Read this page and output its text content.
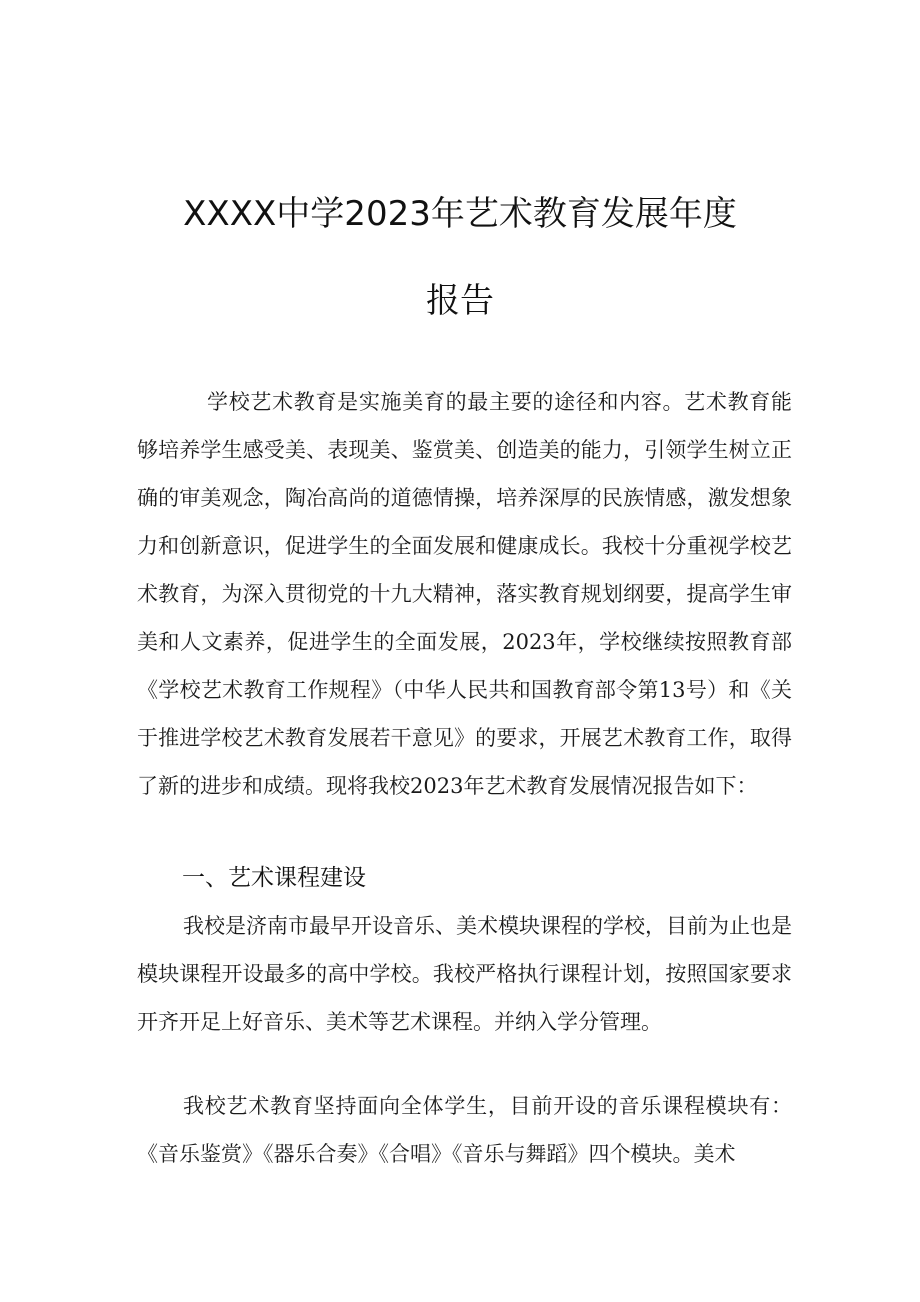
XXXX中学2023年艺术教育发展年度
报告
学校艺术教育是实施美育的最主要的途径和内容。艺术教育能够培养学生感受美、表现美、鉴赏美、创造美的能力，引领学生树立正确的审美观念，陶冶高尚的道德情操，培养深厚的民族情感，激发想象力和创新意识，促进学生的全面发展和健康成长。我校十分重视学校艺术教育，为深入贯彻党的十九大精神，落实教育规划纲要，提高学生审美和人文素养，促进学生的全面发展，2023年，学校继续按照教育部《学校艺术教育工作规程》（中华人民共和国教育部令第13号）和《关于推进学校艺术教育发展若干意见》的要求，开展艺术教育工作，取得了新的进步和成绩。现将我校2023年艺术教育发展情况报告如下：
一、艺术课程建设
我校是济南市最早开设音乐、美术模块课程的学校，目前为止也是模块课程开设最多的高中学校。我校严格执行课程计划，按照国家要求开齐开足上好音乐、美术等艺术课程。并纳入学分管理。
我校艺术教育坚持面向全体学生，目前开设的音乐课程模块有：《音乐鉴赏》《器乐合奏》《合唱》《音乐与舞蹈》四个模块。美术
